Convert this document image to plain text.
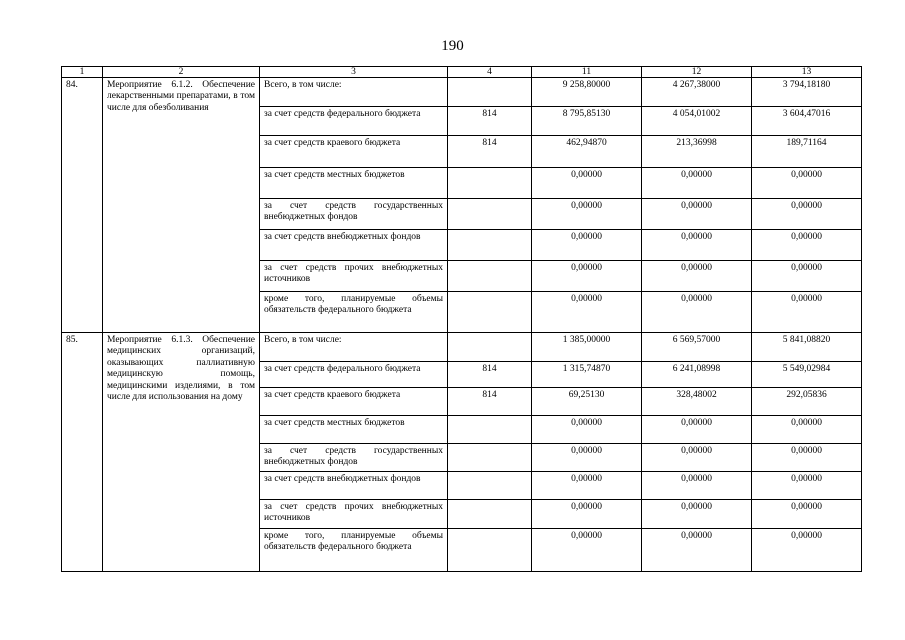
190
1	2	3	4	11	12	13
84.	Мероприятие 6.1.2. Обеспечение лекарственными препаратами, в том числе для обезболивания	Всего, в том числе:		9 258,80000	4 267,38000	3 794,18180
		за счет средств федерального бюджета	814	8 795,85130	4 054,01002	3 604,47016
		за счет средств краевого бюджета	814	462,94870	213,36998	189,71164
		за счет средств местных бюджетов		0,00000	0,00000	0,00000
		за счет средств государственных внебюджетных фондов		0,00000	0,00000	0,00000
		за счет средств внебюджетных фондов		0,00000	0,00000	0,00000
		за счет средств прочих внебюджетных источников		0,00000	0,00000	0,00000
		кроме того, планируемые объемы обязательств федерального бюджета		0,00000	0,00000	0,00000
85.	Мероприятие 6.1.3. Обеспечение медицинских организаций, оказывающих паллиативную медицинскую помощь, медицинскими изделиями, в том числе для использования на дому	Всего, в том числе:		1 385,00000	6 569,57000	5 841,08820
		за счет средств федерального бюджета	814	1 315,74870	6 241,08998	5 549,02984
		за счет средств краевого бюджета	814	69,25130	328,48002	292,05836
		за счет средств местных бюджетов		0,00000	0,00000	0,00000
		за счет средств государственных внебюджетных фондов		0,00000	0,00000	0,00000
		за счет средств внебюджетных фондов		0,00000	0,00000	0,00000
		за счет средств прочих внебюджетных источников		0,00000	0,00000	0,00000
		кроме того, планируемые объемы обязательств федерального бюджета		0,00000	0,00000	0,00000
